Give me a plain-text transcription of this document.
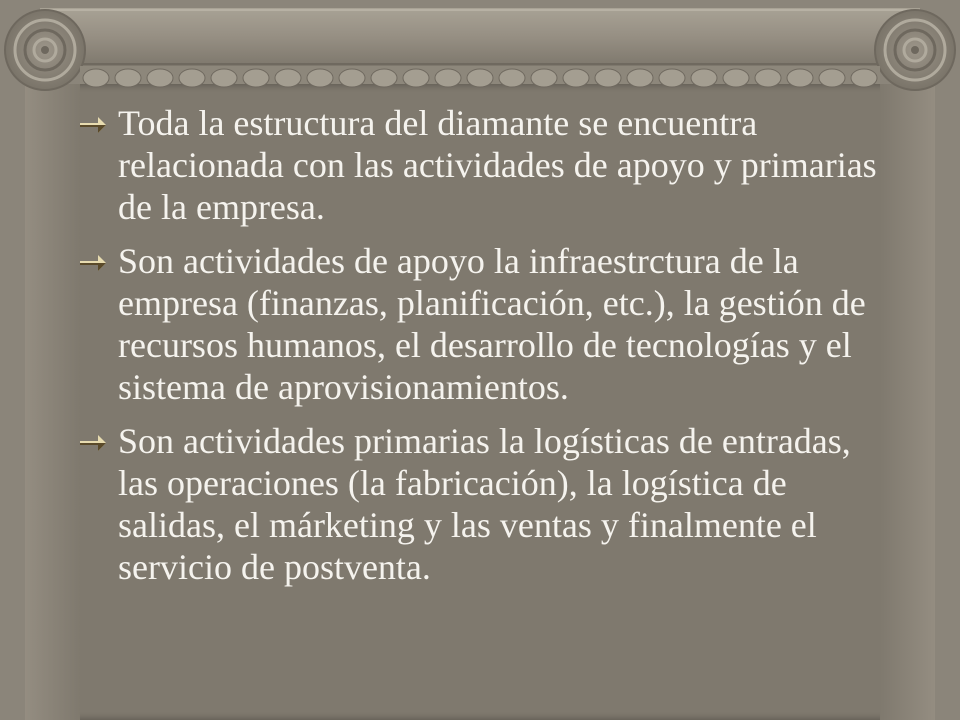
Toda la estructura del diamante se encuentra relacionada con las actividades de apoyo y primarias de la empresa.
Son actividades de apoyo la infraestrctura de la empresa (finanzas, planificación, etc.), la gestión de recursos humanos, el desarrollo de tecnologías y el sistema de aprovisionamientos.
Son actividades primarias la logísticas de entradas, las operaciones (la fabricación), la logística de salidas, el márketing y las ventas y finalmente el servicio de postventa.
